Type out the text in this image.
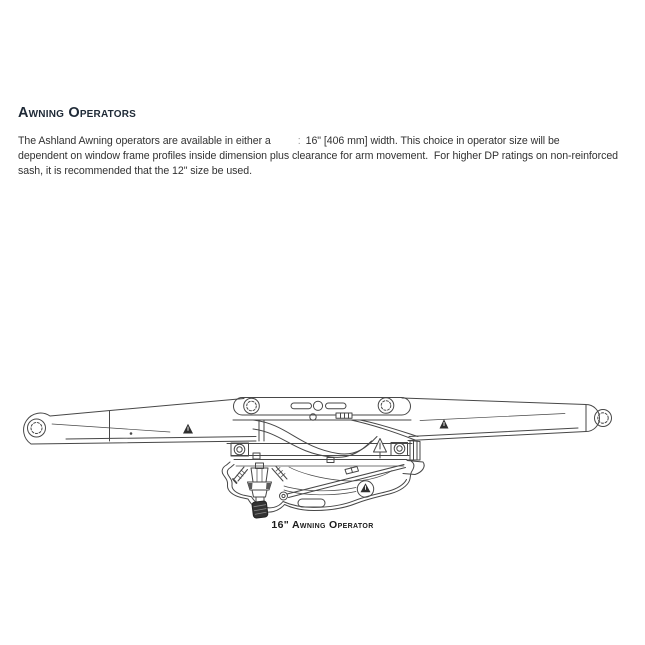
Awning Operators
The Ashland Awning operators are available in either a	: 16" [406 mm] width. This choice in operator size will be
dependent on window frame profiles inside dimension plus clearance for arm movement.  For higher DP ratings on non-reinforced
sash, it is recommended that the 12" size be used.
16" Awning Operator
